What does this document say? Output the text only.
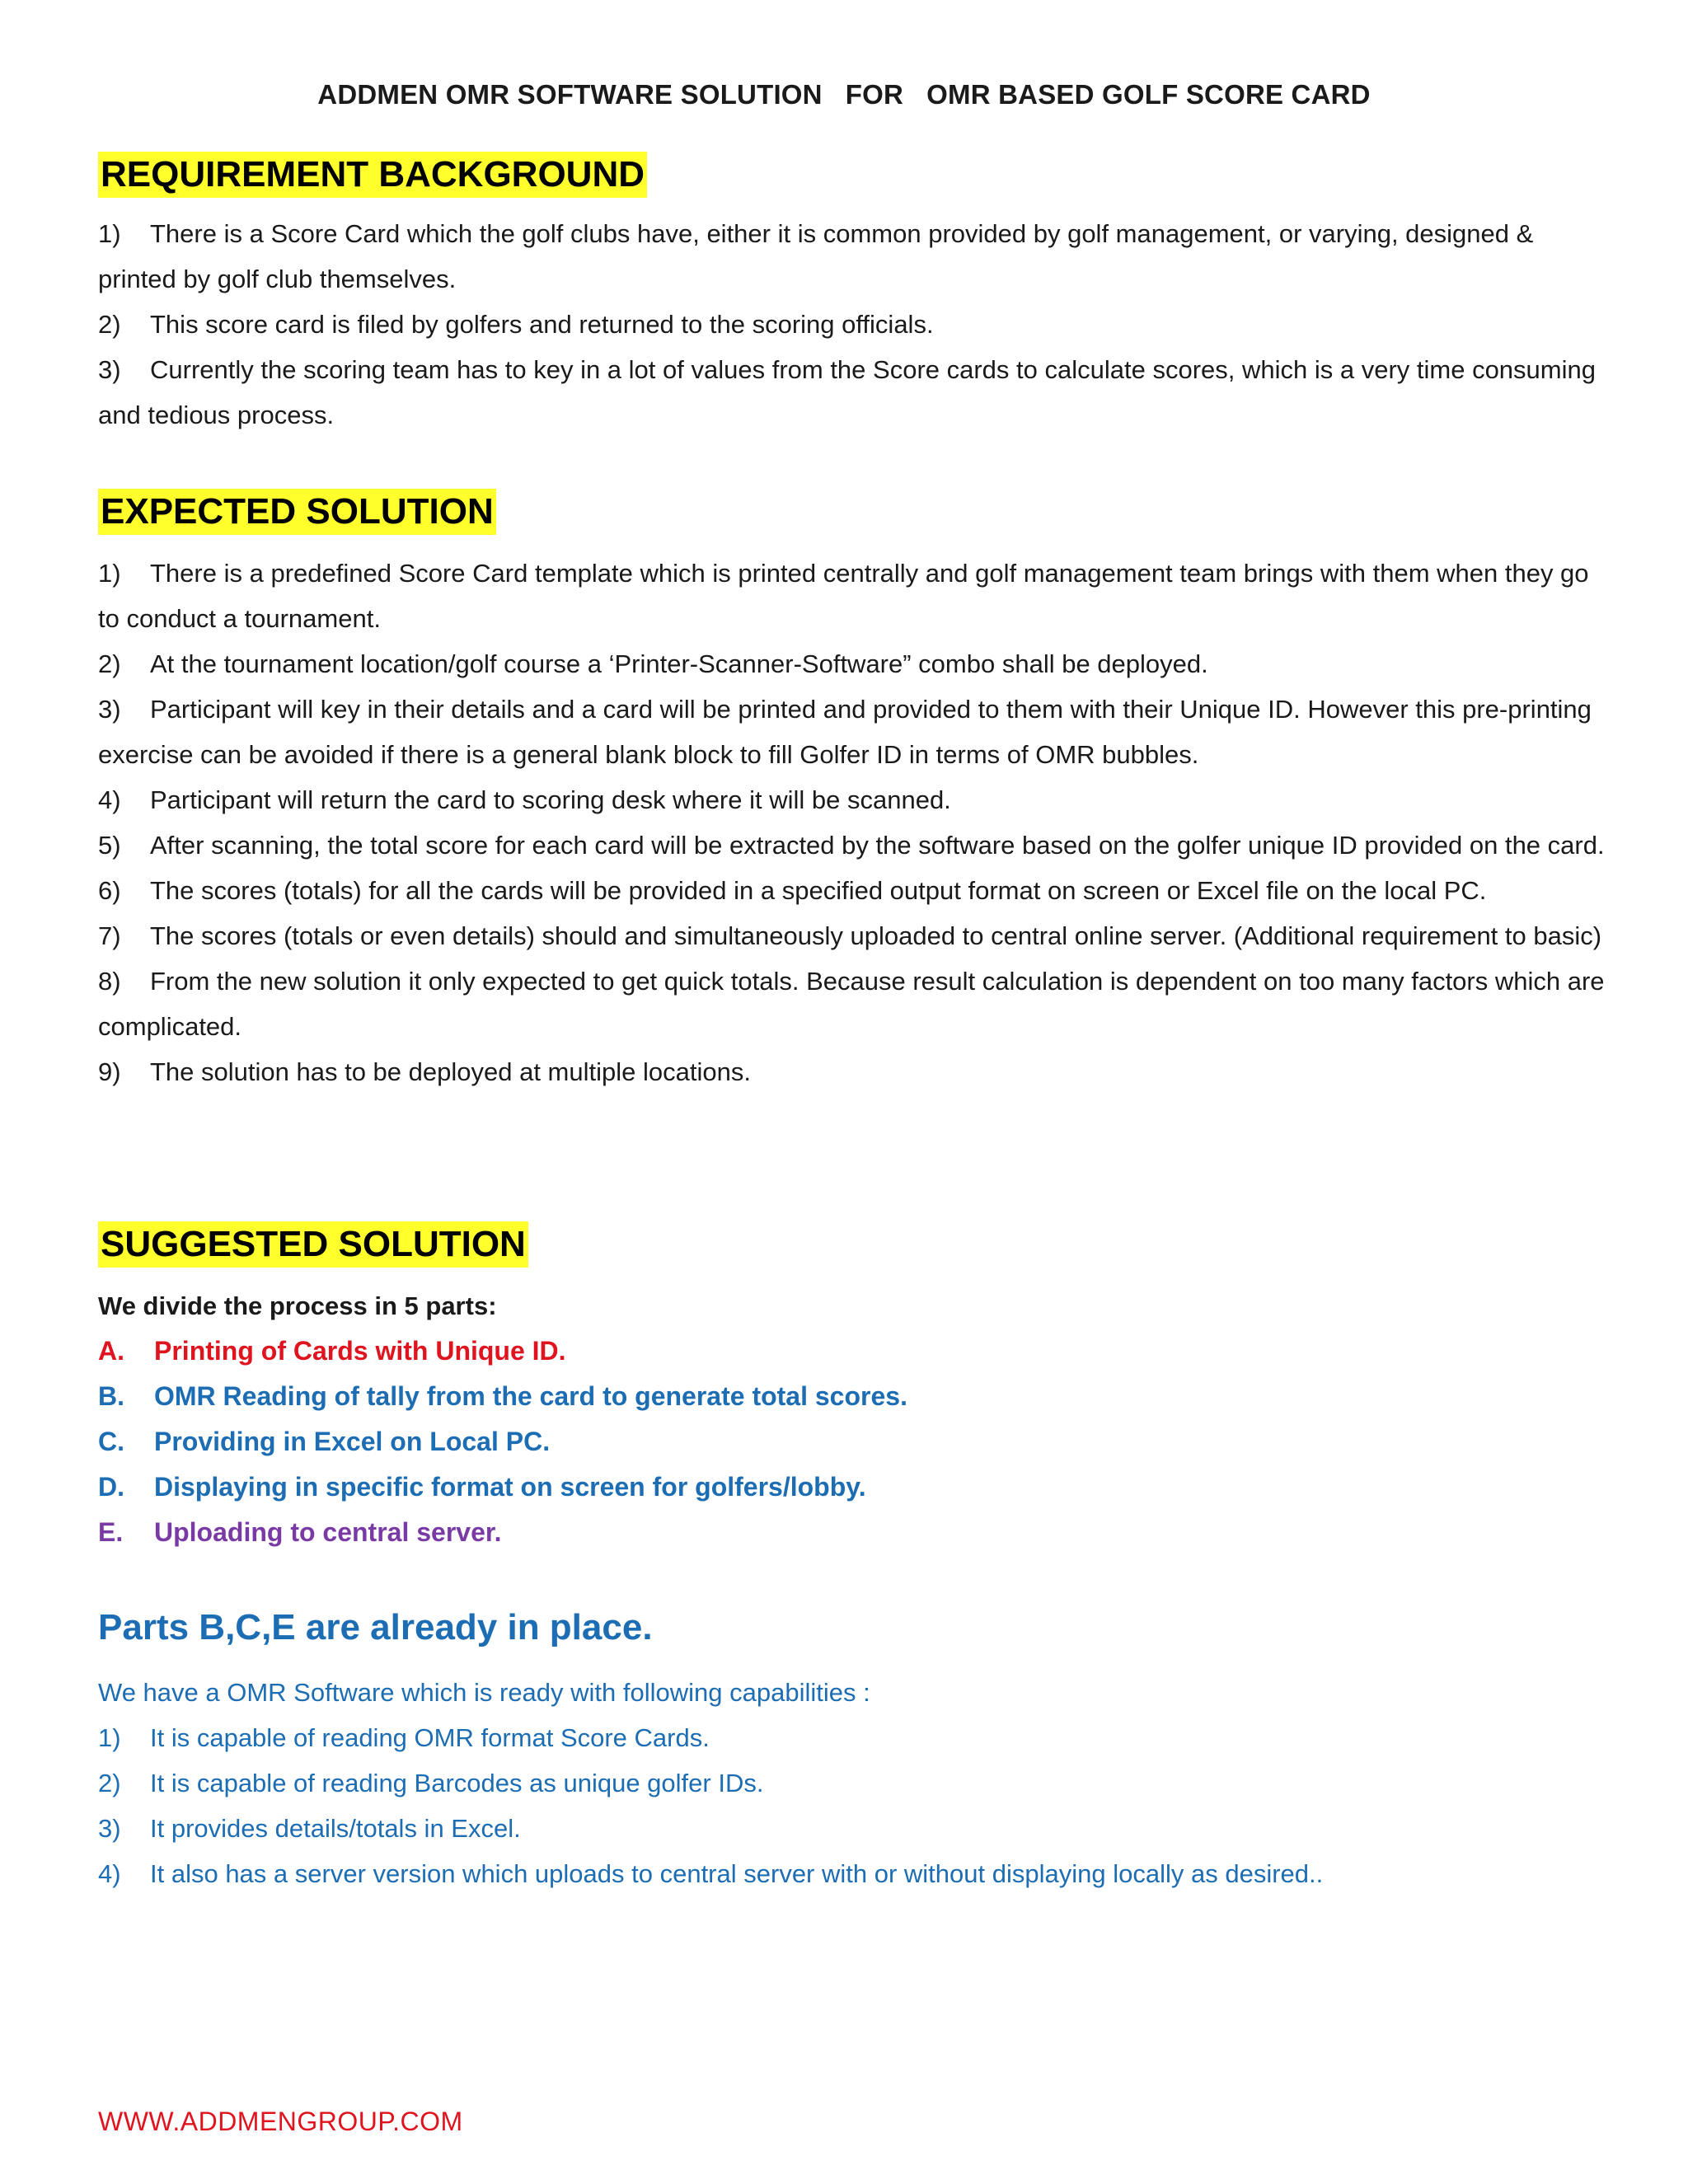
ADDMEN OMR SOFTWARE SOLUTION   FOR   OMR BASED GOLF SCORE CARD
REQUIREMENT BACKGROUND
1) There is a Score Card which the golf clubs have, either it is common provided by golf management, or varying, designed & printed by golf club themselves.
2) This score card is filed by golfers and returned to the scoring officials.
3) Currently the scoring team has to key in a lot of values from the Score cards to calculate scores, which is a very time consuming and tedious process.
EXPECTED SOLUTION
1) There is a predefined Score Card template which is printed centrally and golf management team brings with them when they go to conduct a tournament.
2) At the tournament location/golf course a ‘Printer-Scanner-Software” combo shall be deployed.
3) Participant will key in their details and a card will be printed and provided to them with their Unique ID. However this pre-printing exercise can be avoided if there is a general blank block to fill Golfer ID in terms of OMR bubbles.
4) Participant will return the card to scoring desk where it will be scanned.
5) After scanning, the total score for each card will be extracted by the software based on the golfer unique ID provided on the card.
6) The scores (totals) for all the cards will be provided in a specified output format on screen or Excel file on the local PC.
7) The scores (totals or even details) should and simultaneously uploaded to central online server. (Additional requirement to basic)
8) From the new solution it only expected to get quick totals. Because result calculation is dependent on too many factors which are complicated.
9) The solution has to be deployed at multiple locations.
SUGGESTED SOLUTION
We divide the process in 5 parts:
A. Printing of Cards with Unique ID.
B. OMR Reading of tally from the card to generate total scores.
C. Providing in Excel on Local PC.
D. Displaying in specific format on screen for golfers/lobby.
E. Uploading to central server.
Parts B,C,E are already in place.
We have a OMR Software which is ready with following capabilities :
1) It is capable of reading OMR format Score Cards.
2) It is capable of reading Barcodes as unique golfer IDs.
3) It provides details/totals in Excel.
4) It also has a server version which uploads to central server with or without displaying locally as desired..
WWW.ADDMENGROUP.COM
